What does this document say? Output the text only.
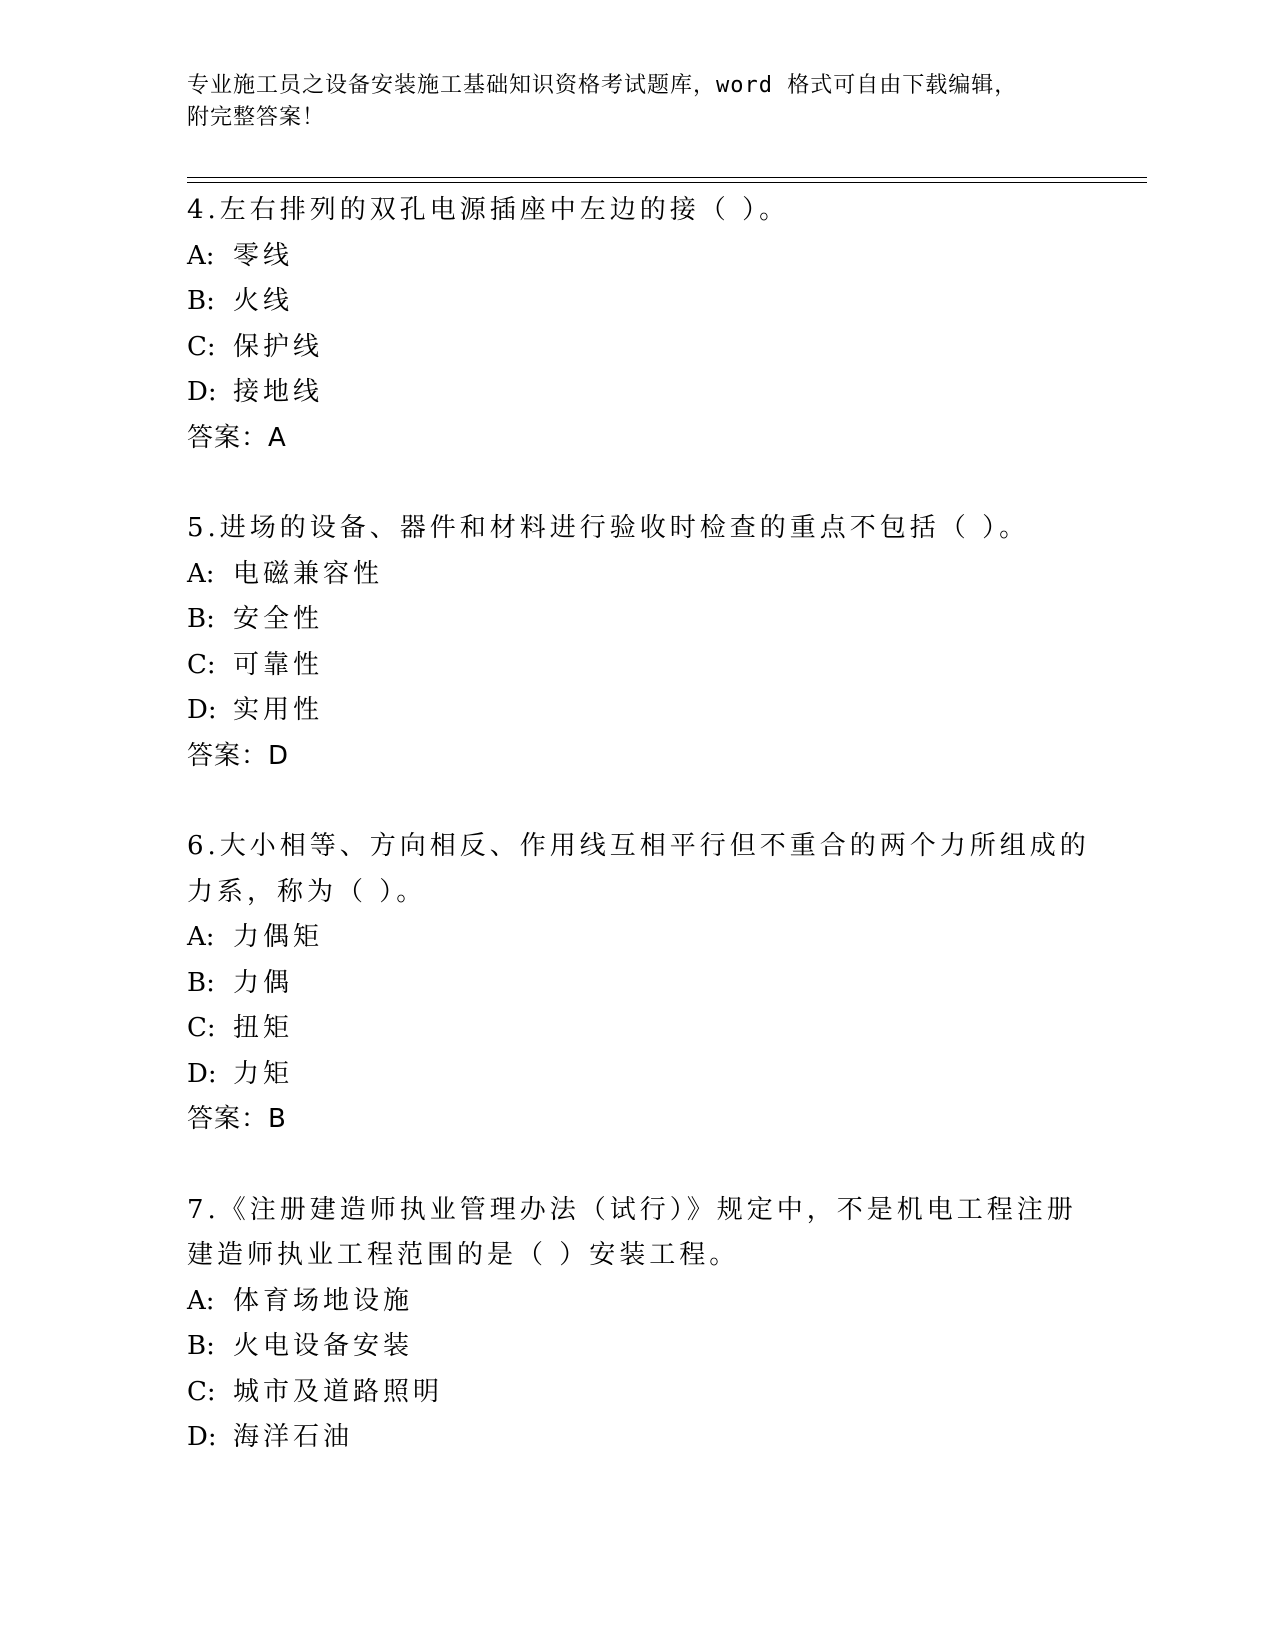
专业施工员之设备安装施工基础知识资格考试题库，word 格式可自由下载编辑，
附完整答案！
4.左右排列的双孔电源插座中左边的接（ ）。
A: 零线
B: 火线
C: 保护线
D: 接地线
答案：A
5.进场的设备、器件和材料进行验收时检查的重点不包括（ ）。
A: 电磁兼容性
B: 安全性
C: 可靠性
D: 实用性
答案：D
6.大小相等、方向相反、作用线互相平行但不重合的两个力所组成的
力系，称为（ ）。
A: 力偶矩
B: 力偶
C: 扭矩
D: 力矩
答案：B
7.《注册建造师执业管理办法（试行）》规定中，不是机电工程注册
建造师执业工程范围的是（ ）安装工程。
A: 体育场地设施
B: 火电设备安装
C: 城市及道路照明
D: 海洋石油
